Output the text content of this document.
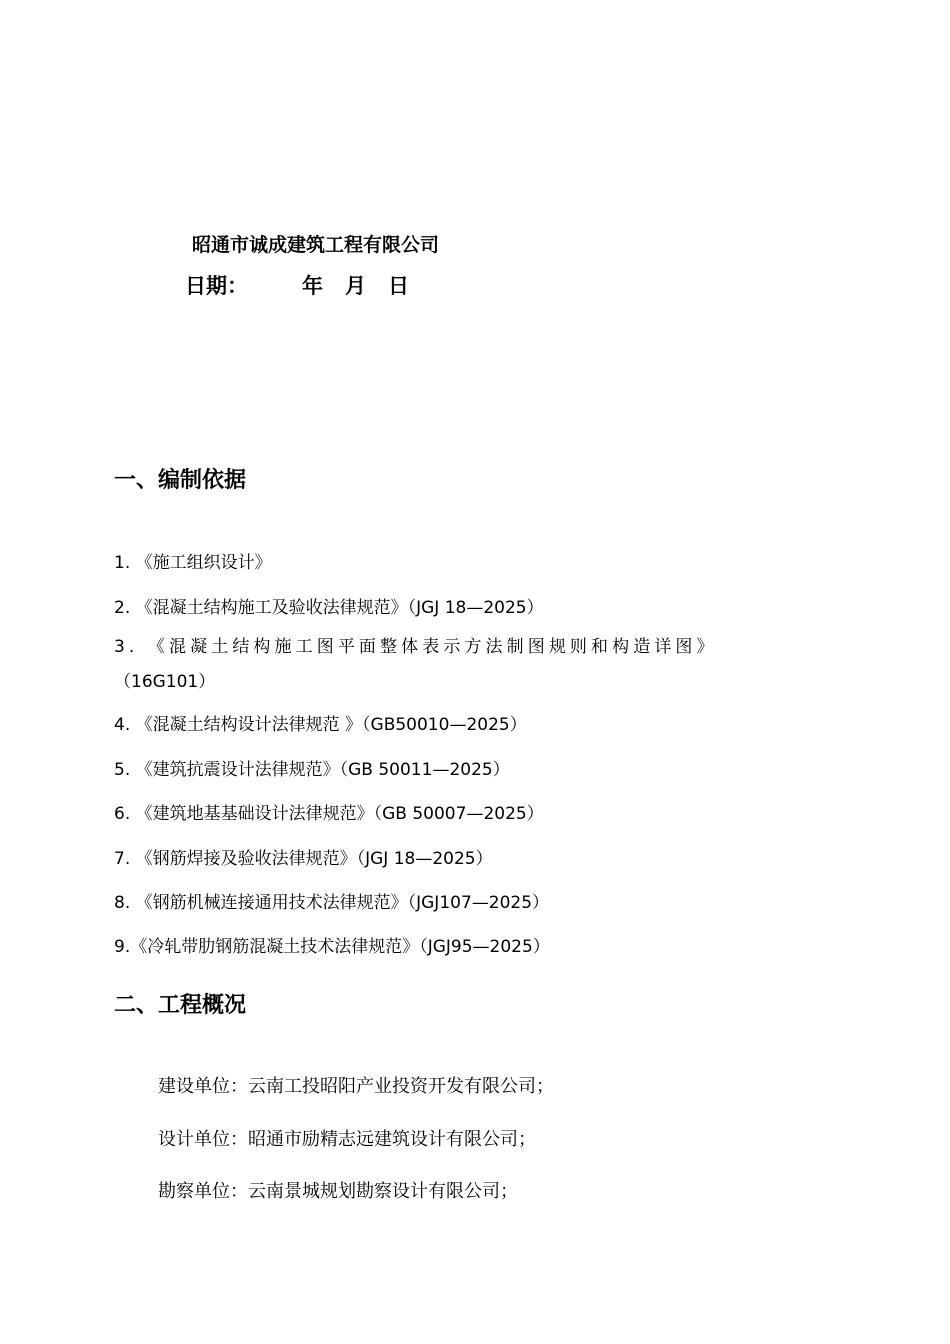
昭通市诚成建筑工程有限公司
日期：	年 月 日
一、编制依据
1. 《施工组织设计》
2. 《混凝土结构施工及验收法律规范》（JGJ 18—2025）
3. 《混凝土结构施工图平面整体表示方法制图规则和构造详图》
（16G101）
4. 《混凝土结构设计法律规范 》（GB50010—2025）
5. 《建筑抗震设计法律规范》（GB 50011—2025）
6. 《建筑地基基础设计法律规范》（GB 50007—2025）
7. 《钢筋焊接及验收法律规范》（JGJ 18—2025）
8. 《钢筋机械连接通用技术法律规范》（JGJ107—2025）
9.《冷轧带肋钢筋混凝土技术法律规范》（JGJ95—2025）
二、工程概况
建设单位：云南工投昭阳产业投资开发有限公司；
设计单位：昭通市励精志远建筑设计有限公司；
勘察单位：云南景城规划勘察设计有限公司；
